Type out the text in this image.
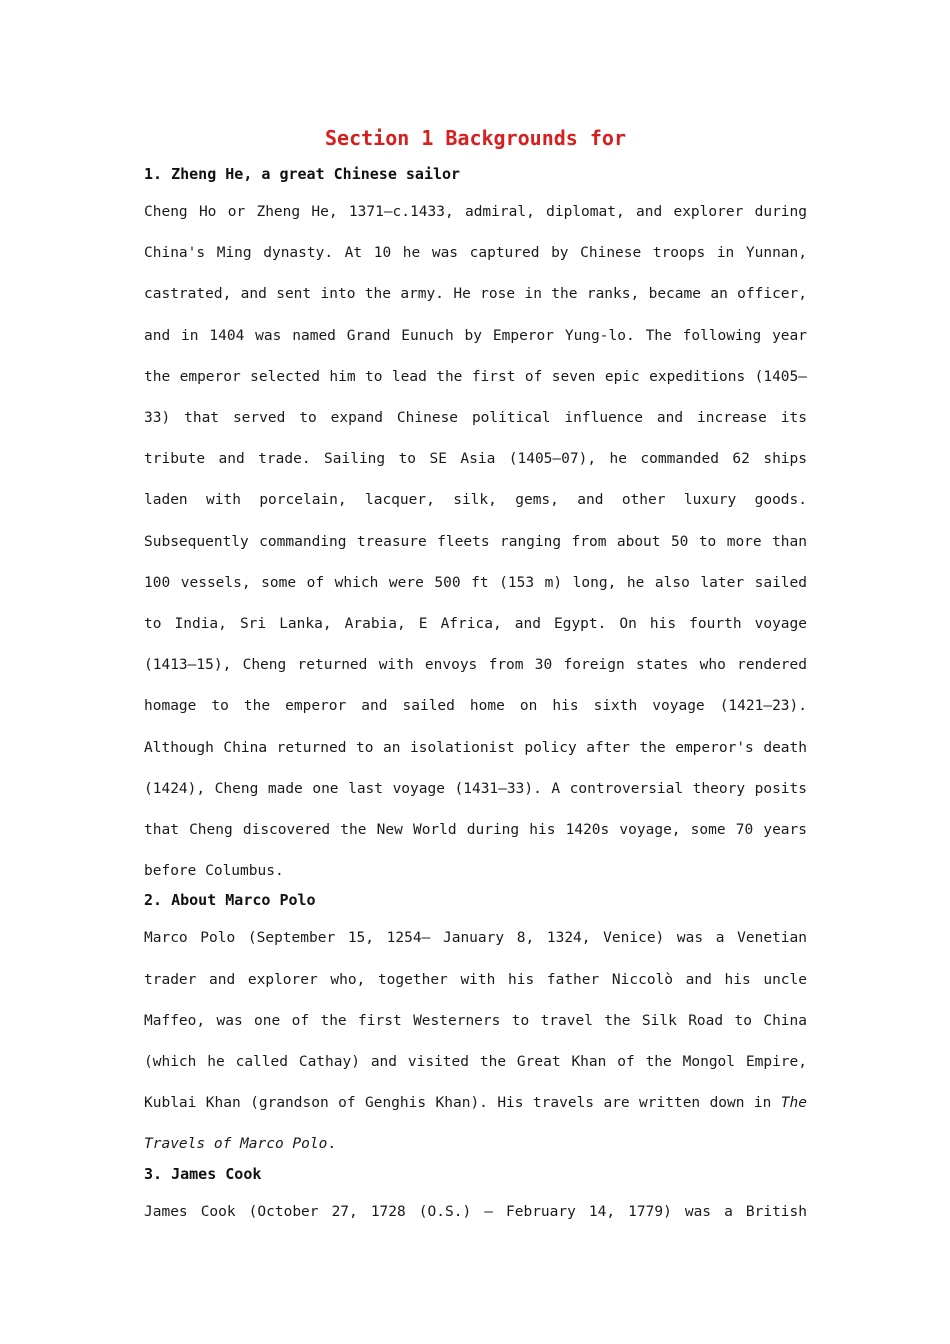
Section 1 Backgrounds for
1. Zheng He, a great Chinese sailor

Cheng Ho or Zheng He, 1371–c.1433, admiral, diplomat, and explorer during China's Ming dynasty. At 10 he was captured by Chinese troops in Yunnan, castrated, and sent into the army. He rose in the ranks, became an officer, and in 1404 was named Grand Eunuch by Emperor Yung-lo. The following year the emperor selected him to lead the first of seven epic expeditions (1405–33) that served to expand Chinese political influence and increase its tribute and trade. Sailing to SE Asia (1405–07), he commanded 62 ships laden with porcelain, lacquer, silk, gems, and other luxury goods. Subsequently commanding treasure fleets ranging from about 50 to more than 100 vessels, some of which were 500 ft (153 m) long, he also later sailed to India, Sri Lanka, Arabia, E Africa, and Egypt. On his fourth voyage (1413–15), Cheng returned with envoys from 30 foreign states who rendered homage to the emperor and sailed home on his sixth voyage (1421–23). Although China returned to an isolationist policy after the emperor's death (1424), Cheng made one last voyage (1431–33). A controversial theory posits that Cheng discovered the New World during his 1420s voyage, some 70 years before Columbus.

2. About Marco Polo

Marco Polo (September 15, 1254— January 8, 1324, Venice) was a Venetian trader and explorer who, together with his father Niccolò and his uncle Maffeo, was one of the first Westerners to travel the Silk Road to China (which he called Cathay) and visited the Great Khan of the Mongol Empire, Kublai Khan (grandson of Genghis Khan). His travels are written down in The Travels of Marco Polo.

3. James Cook

James Cook (October 27, 1728 (O.S.) – February 14, 1779) was a British
